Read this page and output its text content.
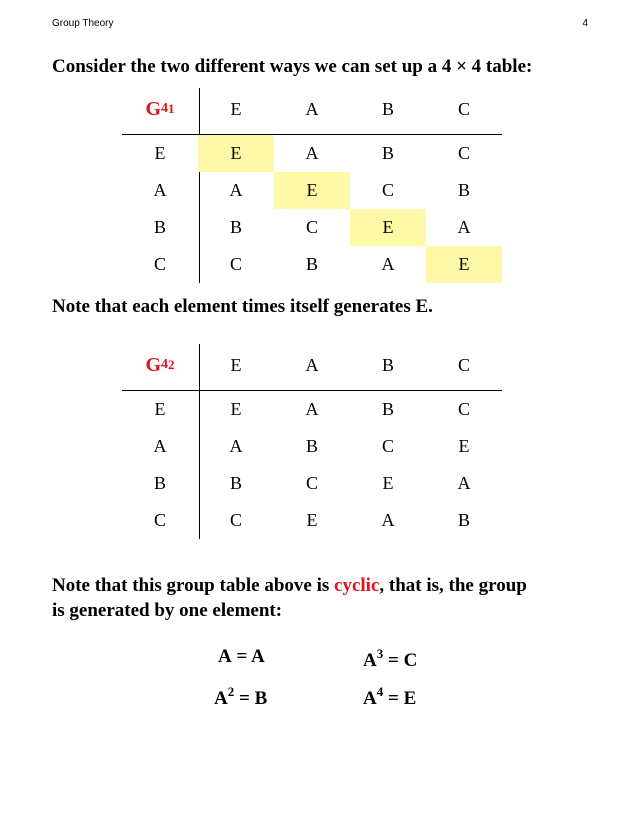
Group Theory	4
Consider the two different ways we can set up a 4 × 4 table:
G 4 1	E	A	B	C
E	E	A	B	C
A	A	E	C	B
B	B	C	E	A
C	C	B	A	E
Note that each element times itself generates E.
G 4 2	E	A	B	C
E	E	A	B	C
A	A	B	C	E
B	B	C	E	A
C	C	E	A	B
Note that this group table above is cyclic, that is, the group
is generated by one element:
A = A
$A^2 = B$
$A^3 = C$
$A^4 = E$
